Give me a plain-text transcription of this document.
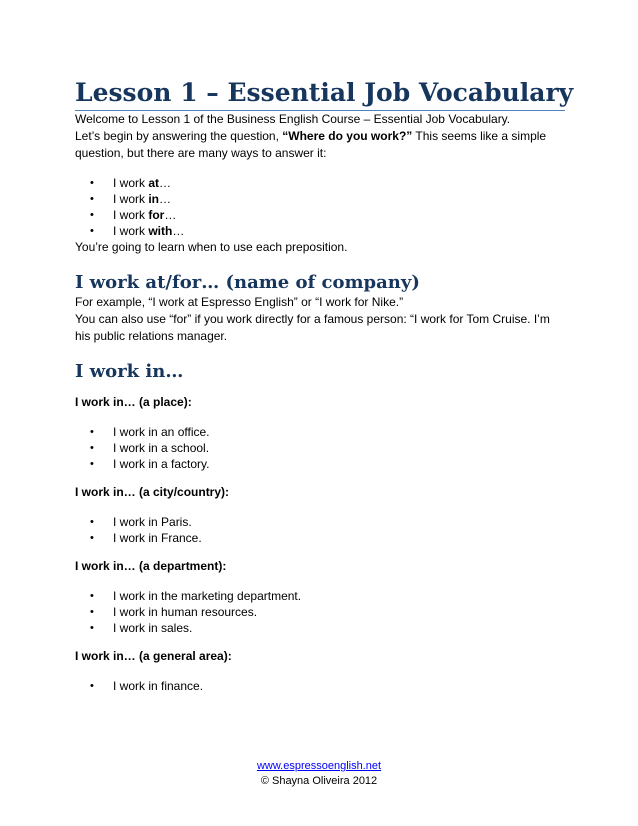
Lesson 1 – Essential Job Vocabulary

Welcome to Lesson 1 of the Business English Course – Essential Job Vocabulary.

Let’s begin by answering the question, “Where do you work?” This seems like a simple question, but there are many ways to answer it:

• I work at…
• I work in…
• I work for…
• I work with…

You’re going to learn when to use each preposition.

I work at/for… (name of company)

For example, “I work at Espresso English” or “I work for Nike.”

You can also use “for” if you work directly for a famous person: “I work for Tom Cruise. I’m his public relations manager.

I work in…

I work in… (a place):

• I work in an office.
• I work in a school.
• I work in a factory.

I work in… (a city/country):

• I work in Paris.
• I work in France.

I work in… (a department):

• I work in the marketing department.
• I work in human resources.
• I work in sales.

I work in… (a general area):

• I work in finance.
www.espressoenglish.net
© Shayna Oliveira 2012
